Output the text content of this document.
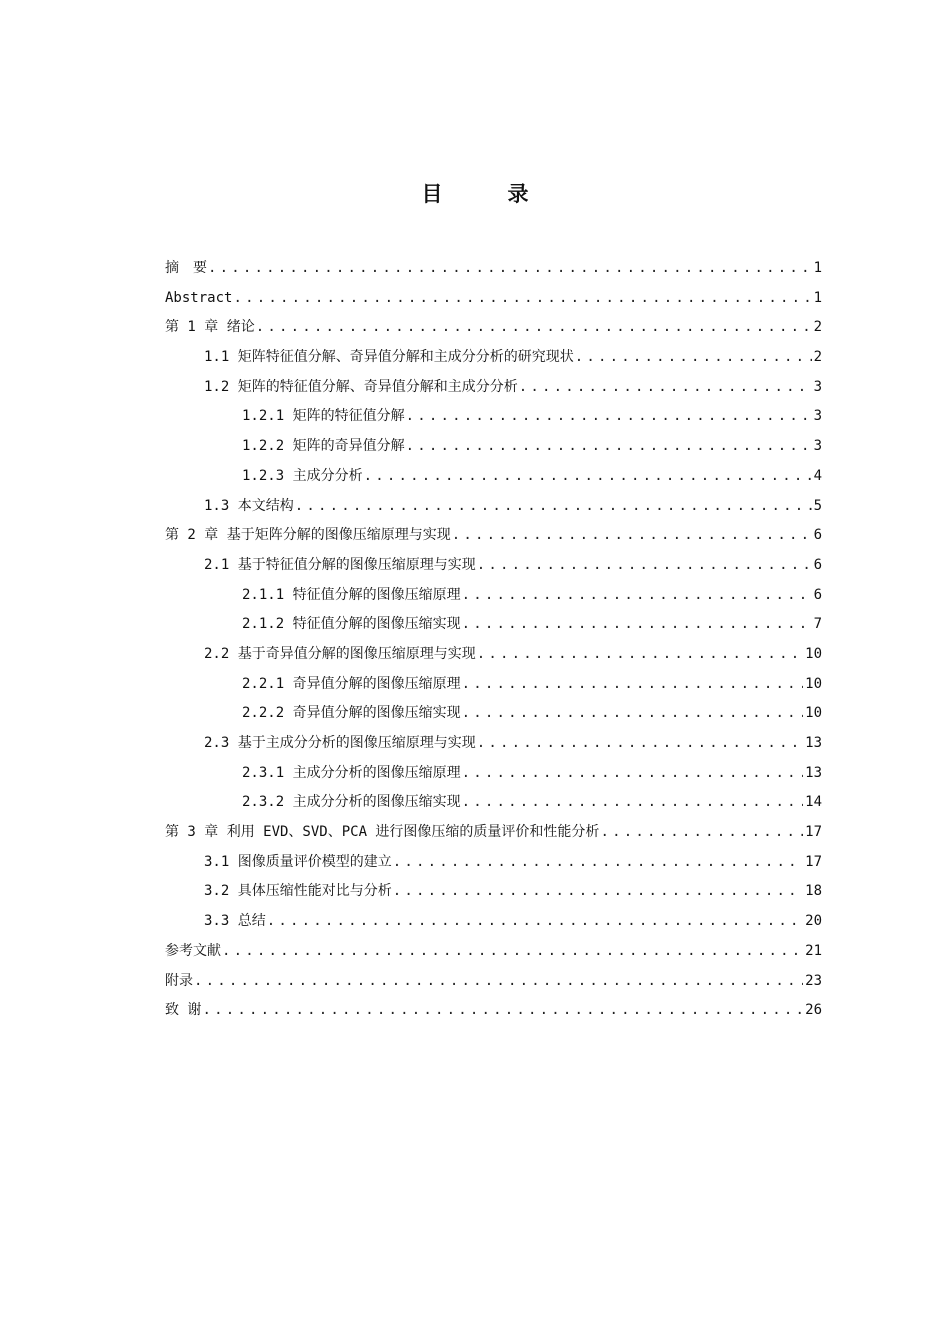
目　录
摘　要 .....	1
Abstract .....	1
第 1 章 绪论 .....	2
1.1 矩阵特征值分解、奇异值分解和主成分分析的研究现状 .....	2
1.2 矩阵的特征值分解、奇异值分解和主成分分析 .....	3
1.2.1 矩阵的特征值分解 .....	3
1.2.2 矩阵的奇异值分解 .....	3
1.2.3 主成分分析 .....	4
1.3 本文结构 .....	5
第 2 章 基于矩阵分解的图像压缩原理与实现 .....	6
2.1 基于特征值分解的图像压缩原理与实现 .....	6
2.1.1 特征值分解的图像压缩原理 .....	6
2.1.2 特征值分解的图像压缩实现 .....	7
2.2 基于奇异值分解的图像压缩原理与实现 .....	10
2.2.1 奇异值分解的图像压缩原理 .....	10
2.2.2 奇异值分解的图像压缩实现 .....	10
2.3 基于主成分分析的图像压缩原理与实现 .....	13
2.3.1 主成分分析的图像压缩原理 .....	13
2.3.2 主成分分析的图像压缩实现 .....	14
第 3 章 利用 EVD、SVD、PCA 进行图像压缩的质量评价和性能分析 .....	17
3.1 图像质量评价模型的建立 .....	17
3.2 具体压缩性能对比与分析 .....	18
3.3 总结 .....	20
参考文献 .....	21
附录 .....	23
致 谢 .....	26
